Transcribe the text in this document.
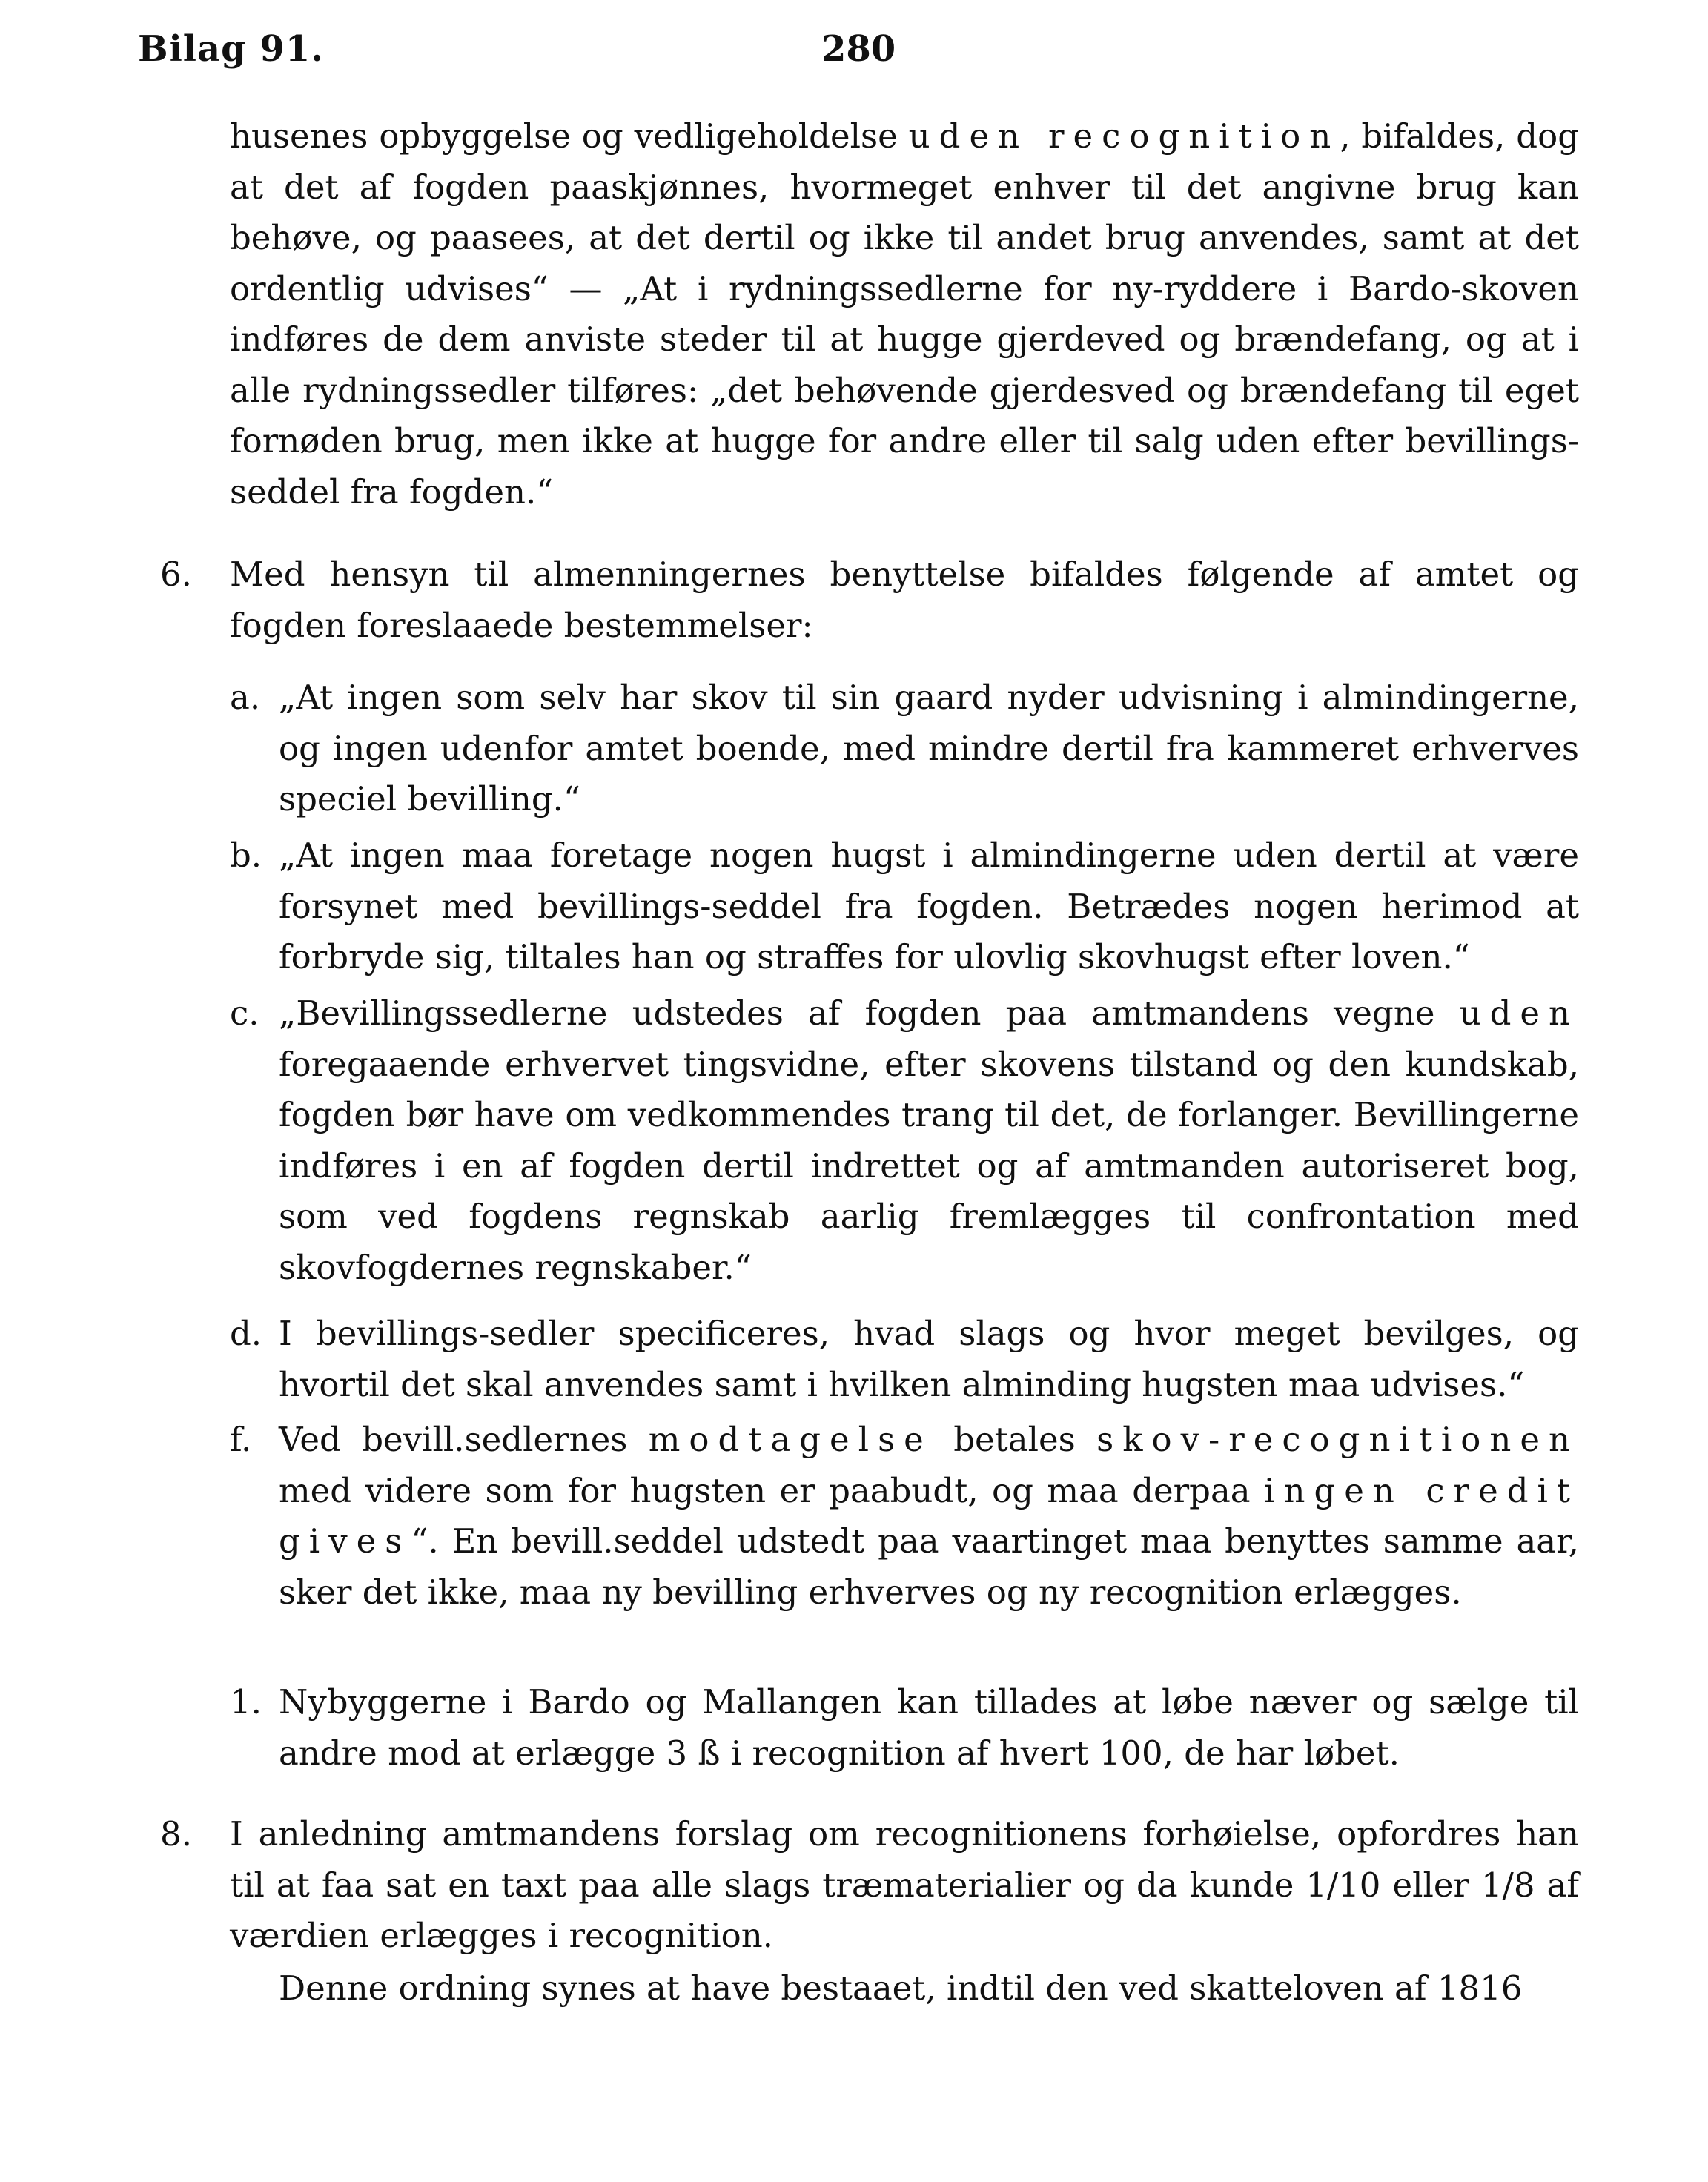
Bilag 91.	280
husenes opbyggelse og vedligeholdelse uden recognition, bifaldes, dog at det af fogden paaskjønnes, hvormeget enhver til det angivne brug kan behøve, og paasees, at det dertil og ikke til andet brug anvendes, samt at det ordentlig udvises“ — „At i rydningssedlerne for ny-ryddere i Bardo-skoven indføres de dem anviste steder til at hugge gjerdeved og brændefang, og at i alle rydningssedler tilføres: „det behøvende gjerdesved og brændefang til eget fornøden brug, men ikke at hugge for andre eller til salg uden efter bevillings-seddel fra fogden.“
6. Med hensyn til almenningernes benyttelse bifaldes følgende af amtet og fogden foreslaaede bestemmelser:
a. „At ingen som selv har skov til sin gaard nyder udvisning i almindingerne, og ingen udenfor amtet boende, med mindre dertil fra kammeret erhverves speciel bevilling.“
b. „At ingen maa foretage nogen hugst i almindingerne uden dertil at være forsynet med bevillings-seddel fra fogden. Betrædes nogen herimod at forbryde sig, tiltales han og straffes for ulovlig skovhugst efter loven.“
c. „Bevillingssedlerne udstedes af fogden paa amtmandens vegne uden foregaaende erhvervet tingsvidne, efter skovens tilstand og den kundskab, fogden bør have om vedkommendes trang til det, de forlanger. Bevillingerne indføres i en af fogden dertil indrettet og af amtmanden autoriseret bog, som ved fogdens regnskab aarlig fremlægges til confrontation med skovfogdernes regnskaber.“
d. I bevillings-sedler specificeres, hvad slags og hvor meget bevilges, og hvortil det skal anvendes samt i hvilken alminding hugsten maa udvises.“
f. Ved bevill.sedlernes modtagelse betales skov-recognitionen med videre som for hugsten er paabudt, og maa derpaa ingen credit gives“. En bevill.seddel udstedt paa vaartinget maa benyttes samme aar, sker det ikke, maa ny bevilling erhverves og ny recognition erlægges.
1. Nybyggerne i Bardo og Mallangen kan tillades at løbe næver og sælge til andre mod at erlægge 3 ß i recognition af hvert 100, de har løbet.
8. I anledning amtmandens forslag om recognitionens forhøielse, opfordres han til at faa sat en taxt paa alle slags træmaterialier og da kunde 1/10 eller 1/8 af værdien erlægges i recognition.
Denne ordning synes at have bestaaet, indtil den ved skatteloven af 1816
